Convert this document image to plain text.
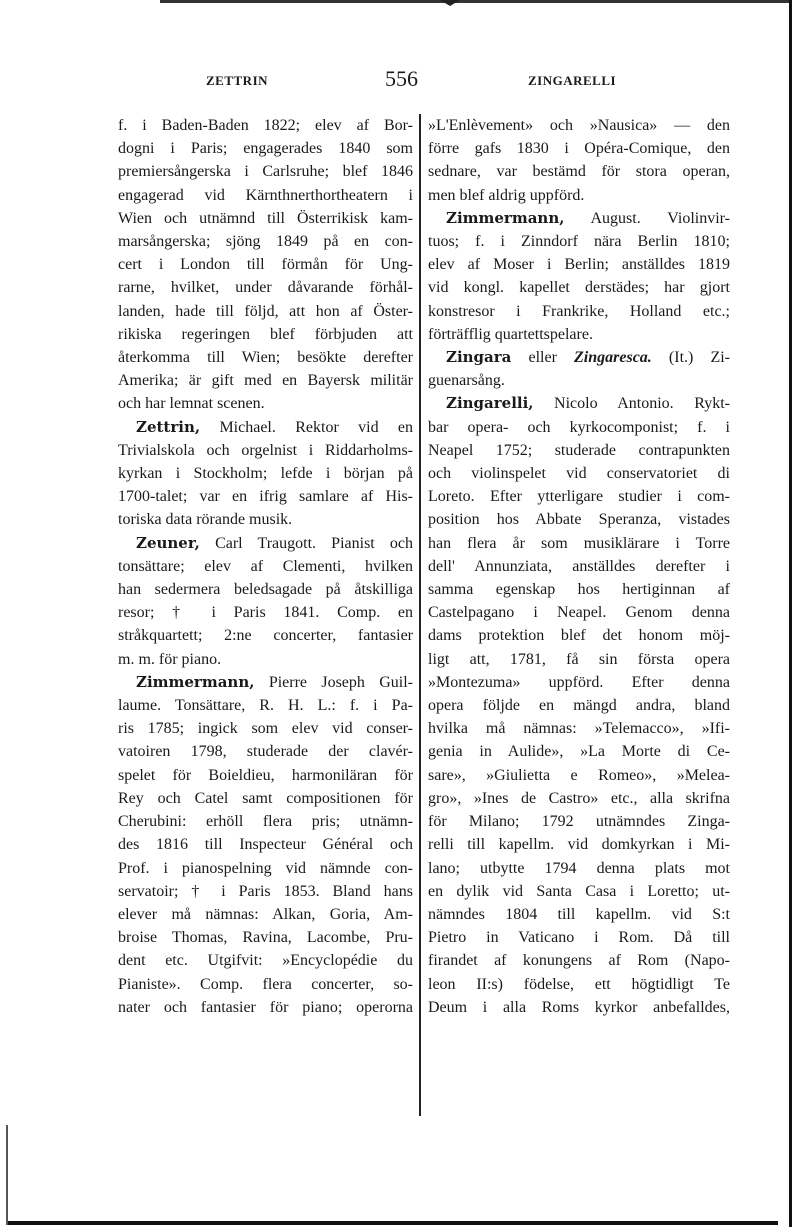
ZETTRIN	556	ZINGARELLI
f. i Baden-Baden 1822; elev af Bor-
dogni i Paris; engagerades 1840 som
premiersångerska i Carlsruhe; blef 1846
engagerad vid Kärnthnerthortheatern i
Wien och utnämnd till Österrikisk kam-
marsångerska; sjöng 1849 på en con-
cert i London till förmån för Ung-
rarne, hvilket, under dåvarande förhål-
landen, hade till följd, att hon af Öster-
rikiska regeringen blef förbjuden att
återkomma till Wien; besökte derefter
Amerika; är gift med en Bayersk militär
och har lemnat scenen.
Zettrin, Michael. Rektor vid en
Trivialskola och orgelnist i Riddarholms-
kyrkan i Stockholm; lefde i början på
1700-talet; var en ifrig samlare af His-
toriska data rörande musik.
Zeuner, Carl Traugott. Pianist och
tonsättare; elev af Clementi, hvilken
han sedermera beledsagade på åtskilliga
resor; † i Paris 1841. Comp. en
stråkquartett; 2:ne concerter, fantasier
m. m. för piano.
Zimmermann, Pierre Joseph Guil-
laume. Tonsättare, R. H. L.: f. i Pa-
ris 1785; ingick som elev vid conser-
vatoiren 1798, studerade der clavér-
spelet för Boieldieu, harmoniläran för
Rey och Catel samt compositionen för
Cherubini: erhöll flera pris; utnämn-
des 1816 till Inspecteur Général och
Prof. i pianospelning vid nämnde con-
servatoir; † i Paris 1853. Bland hans
elever må nämnas: Alkan, Goria, Am-
broise Thomas, Ravina, Lacombe, Pru-
dent etc. Utgifvit: »Encyclopédie du
Pianiste». Comp. flera concerter, so-
nater och fantasier för piano; operorna
»L'Enlèvement» och »Nausica» — den
förre gafs 1830 i Opéra-Comique, den
sednare, var bestämd för stora operan,
men blef aldrig uppförd.
Zimmermann, August. Violinvir-
tuos; f. i Zinndorf nära Berlin 1810;
elev af Moser i Berlin; anställdes 1819
vid kongl. kapellet derstädes; har gjort
konstresor i Frankrike, Holland etc.;
förträfflig quartettspelare.
Zingara eller Zingaresca. (It.) Zi-
guenarsång.
Zingarelli, Nicolo Antonio. Rykt-
bar opera- och kyrkocomponist; f. i
Neapel 1752; studerade contrapunkten
och violinspelet vid conservatoriet di
Loreto. Efter ytterligare studier i com-
position hos Abbate Speranza, vistades
han flera år som musiklärare i Torre
dell' Annunziata, anställdes derefter i
samma egenskap hos hertiginnan af
Castelpagano i Neapel. Genom denna
dams protektion blef det honom möj-
ligt att, 1781, få sin första opera
»Montezuma» uppförd. Efter denna
opera följde en mängd andra, bland
hvilka må nämnas: »Telemacco», »Ifi-
genia in Aulide», »La Morte di Ce-
sare», »Giulietta e Romeo», »Melea-
gro», »Ines de Castro» etc., alla skrifna
för Milano; 1792 utnämndes Zinga-
relli till kapellm. vid domkyrkan i Mi-
lano; utbytte 1794 denna plats mot
en dylik vid Santa Casa i Loretto; ut-
nämndes 1804 till kapellm. vid S:t
Pietro in Vaticano i Rom. Då till
firandet af konungens af Rom (Napo-
leon II:s) födelse, ett högtidligt Te
Deum i alla Roms kyrkor anbefalldes,
